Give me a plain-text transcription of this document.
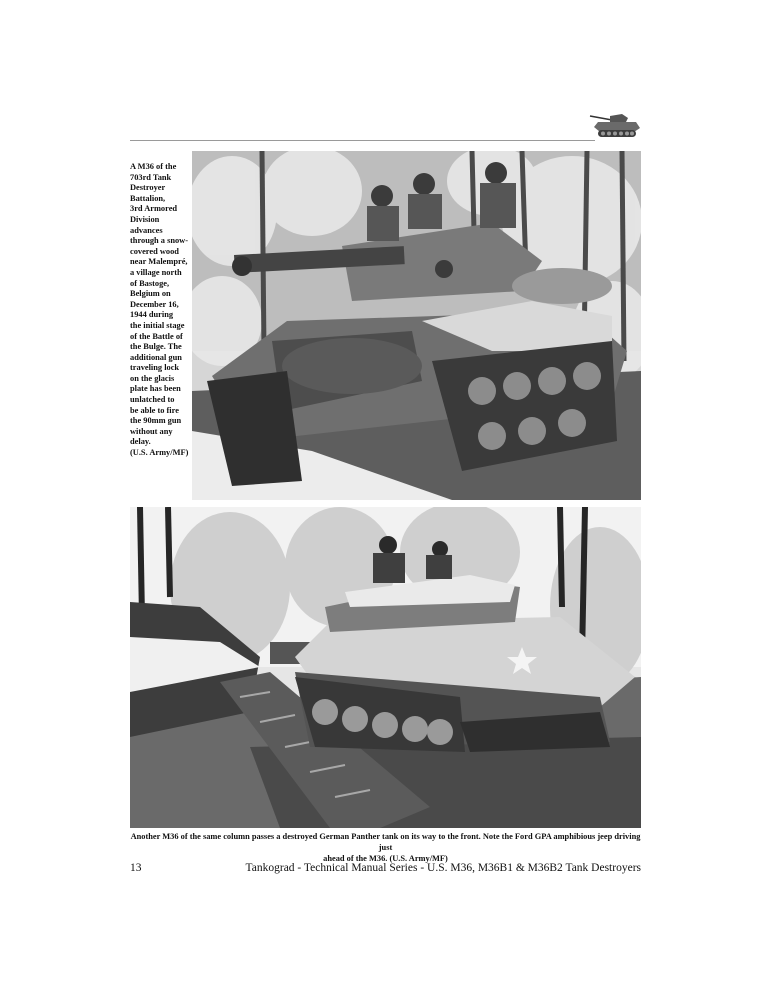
A M36 of the
703rd Tank
Destroyer
Battalion,
3rd Armored
Division
advances
through a snow-
covered wood
near Malempré,
a village north
of Bastoge,
Belgium on
December 16,
1944 during
the initial stage
of the Battle of
the Bulge. The
additional gun
traveling lock
on the glacis
plate has been
unlatched to
be able to fire
the 90mm gun
without any
delay.
(U.S. Army/MF)
Another M36 of the same column passes a destroyed German Panther tank on its way to the front. Note the Ford GPA amphibious jeep driving just
ahead of the M36. (U.S. Army/MF)
13	Tankograd - Technical Manual Series - U.S. M36, M36B1 & M36B2 Tank Destroyers
